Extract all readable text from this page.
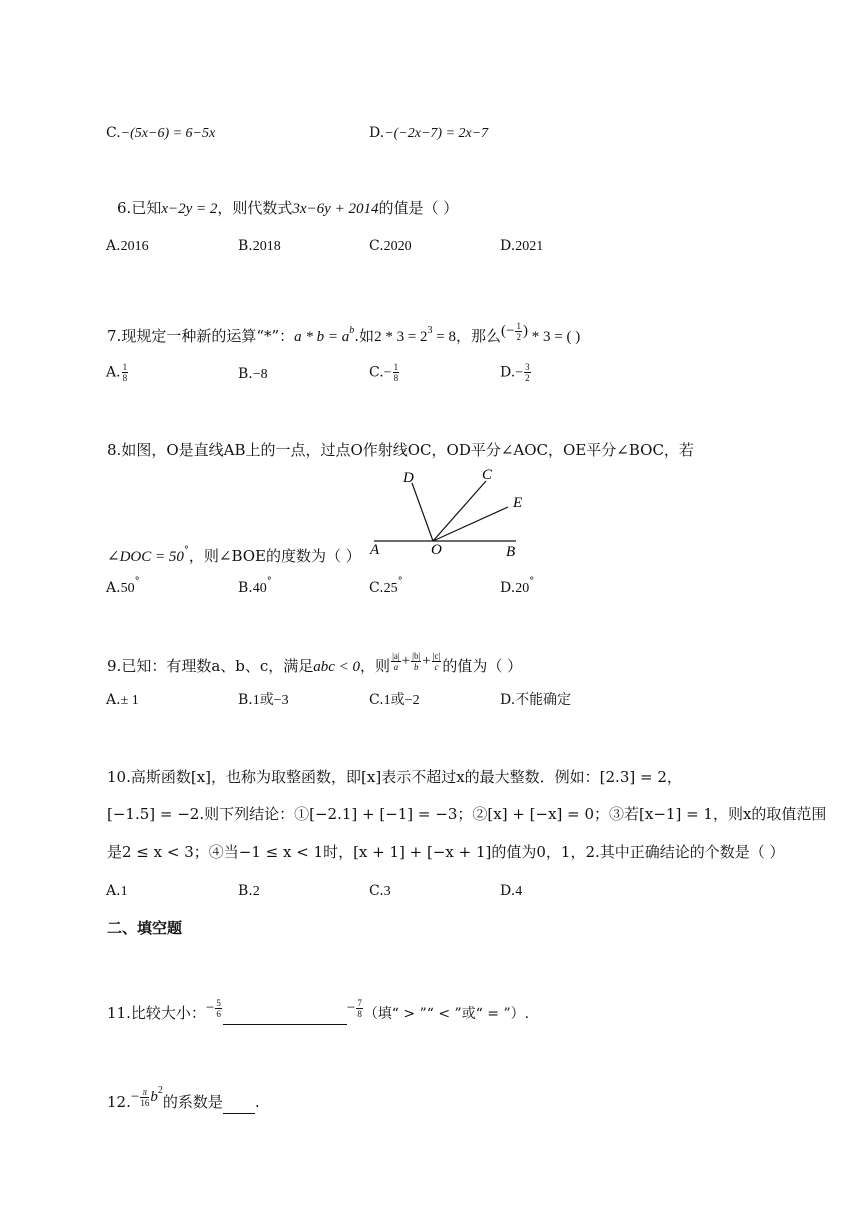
C.−(5x−6) = 6−5x	D.−(−2x−7) = 2x−7
6.已知x−2y = 2，则代数式3x−6y + 2014的值是（ ）
A.2016	B.2018	C.2020	D.2021
7.现规定一种新的运算“*”：$a * b = a^b$.如$2 * 3 = 2^3 = 8$，那么(− $\frac{1}{2}$ ) * 3 = ( )
A. $\frac{1}{8}$	B.−8	$C.- \frac{1}{8}$	$D.- \frac{3}{2}$
8.如图，O是直线AB上的一点，过点O作射线OC，OD平分∠AOC，OE平分∠BOC，若
∠DOC = 50°，则∠BOE的度数为（ ）
D	C
E
A	O	B
A.50°	B.40°	C.25°	D.20°
9.已知：有理数a、b、c，满足abc < 0，则 $\frac{|a|}{a} + \frac{|b|}{b} + \frac{|c|}{c}$ 的值为（ ）
A.± 1	B.1或−3	C.1或−2	D.不能确定
10.高斯函数[x]，也称为取整函数，即[x]表示不超过x的最大整数．例如：[2.3] = 2，
[−1.5] = −2.则下列结论：①[−2.1] + [−1] = −3；②[x] + [−x] = 0；③若[x−1] = 1，则x的取值范围
是2 ≤ x < 3；④当−1 ≤ x < 1时，[x + 1] + [−x + 1]的值为0，1，2.其中正确结论的个数是（ ）
A.1	B.2	C.3	D.4
二、填空题
11.比较大小：− $\frac{5}{6}$	− $\frac{7}{8}$ （填“ > ”“ < ”或“ = ”）.
$12.- \frac{\pi}{16} b^2$的系数是 .
